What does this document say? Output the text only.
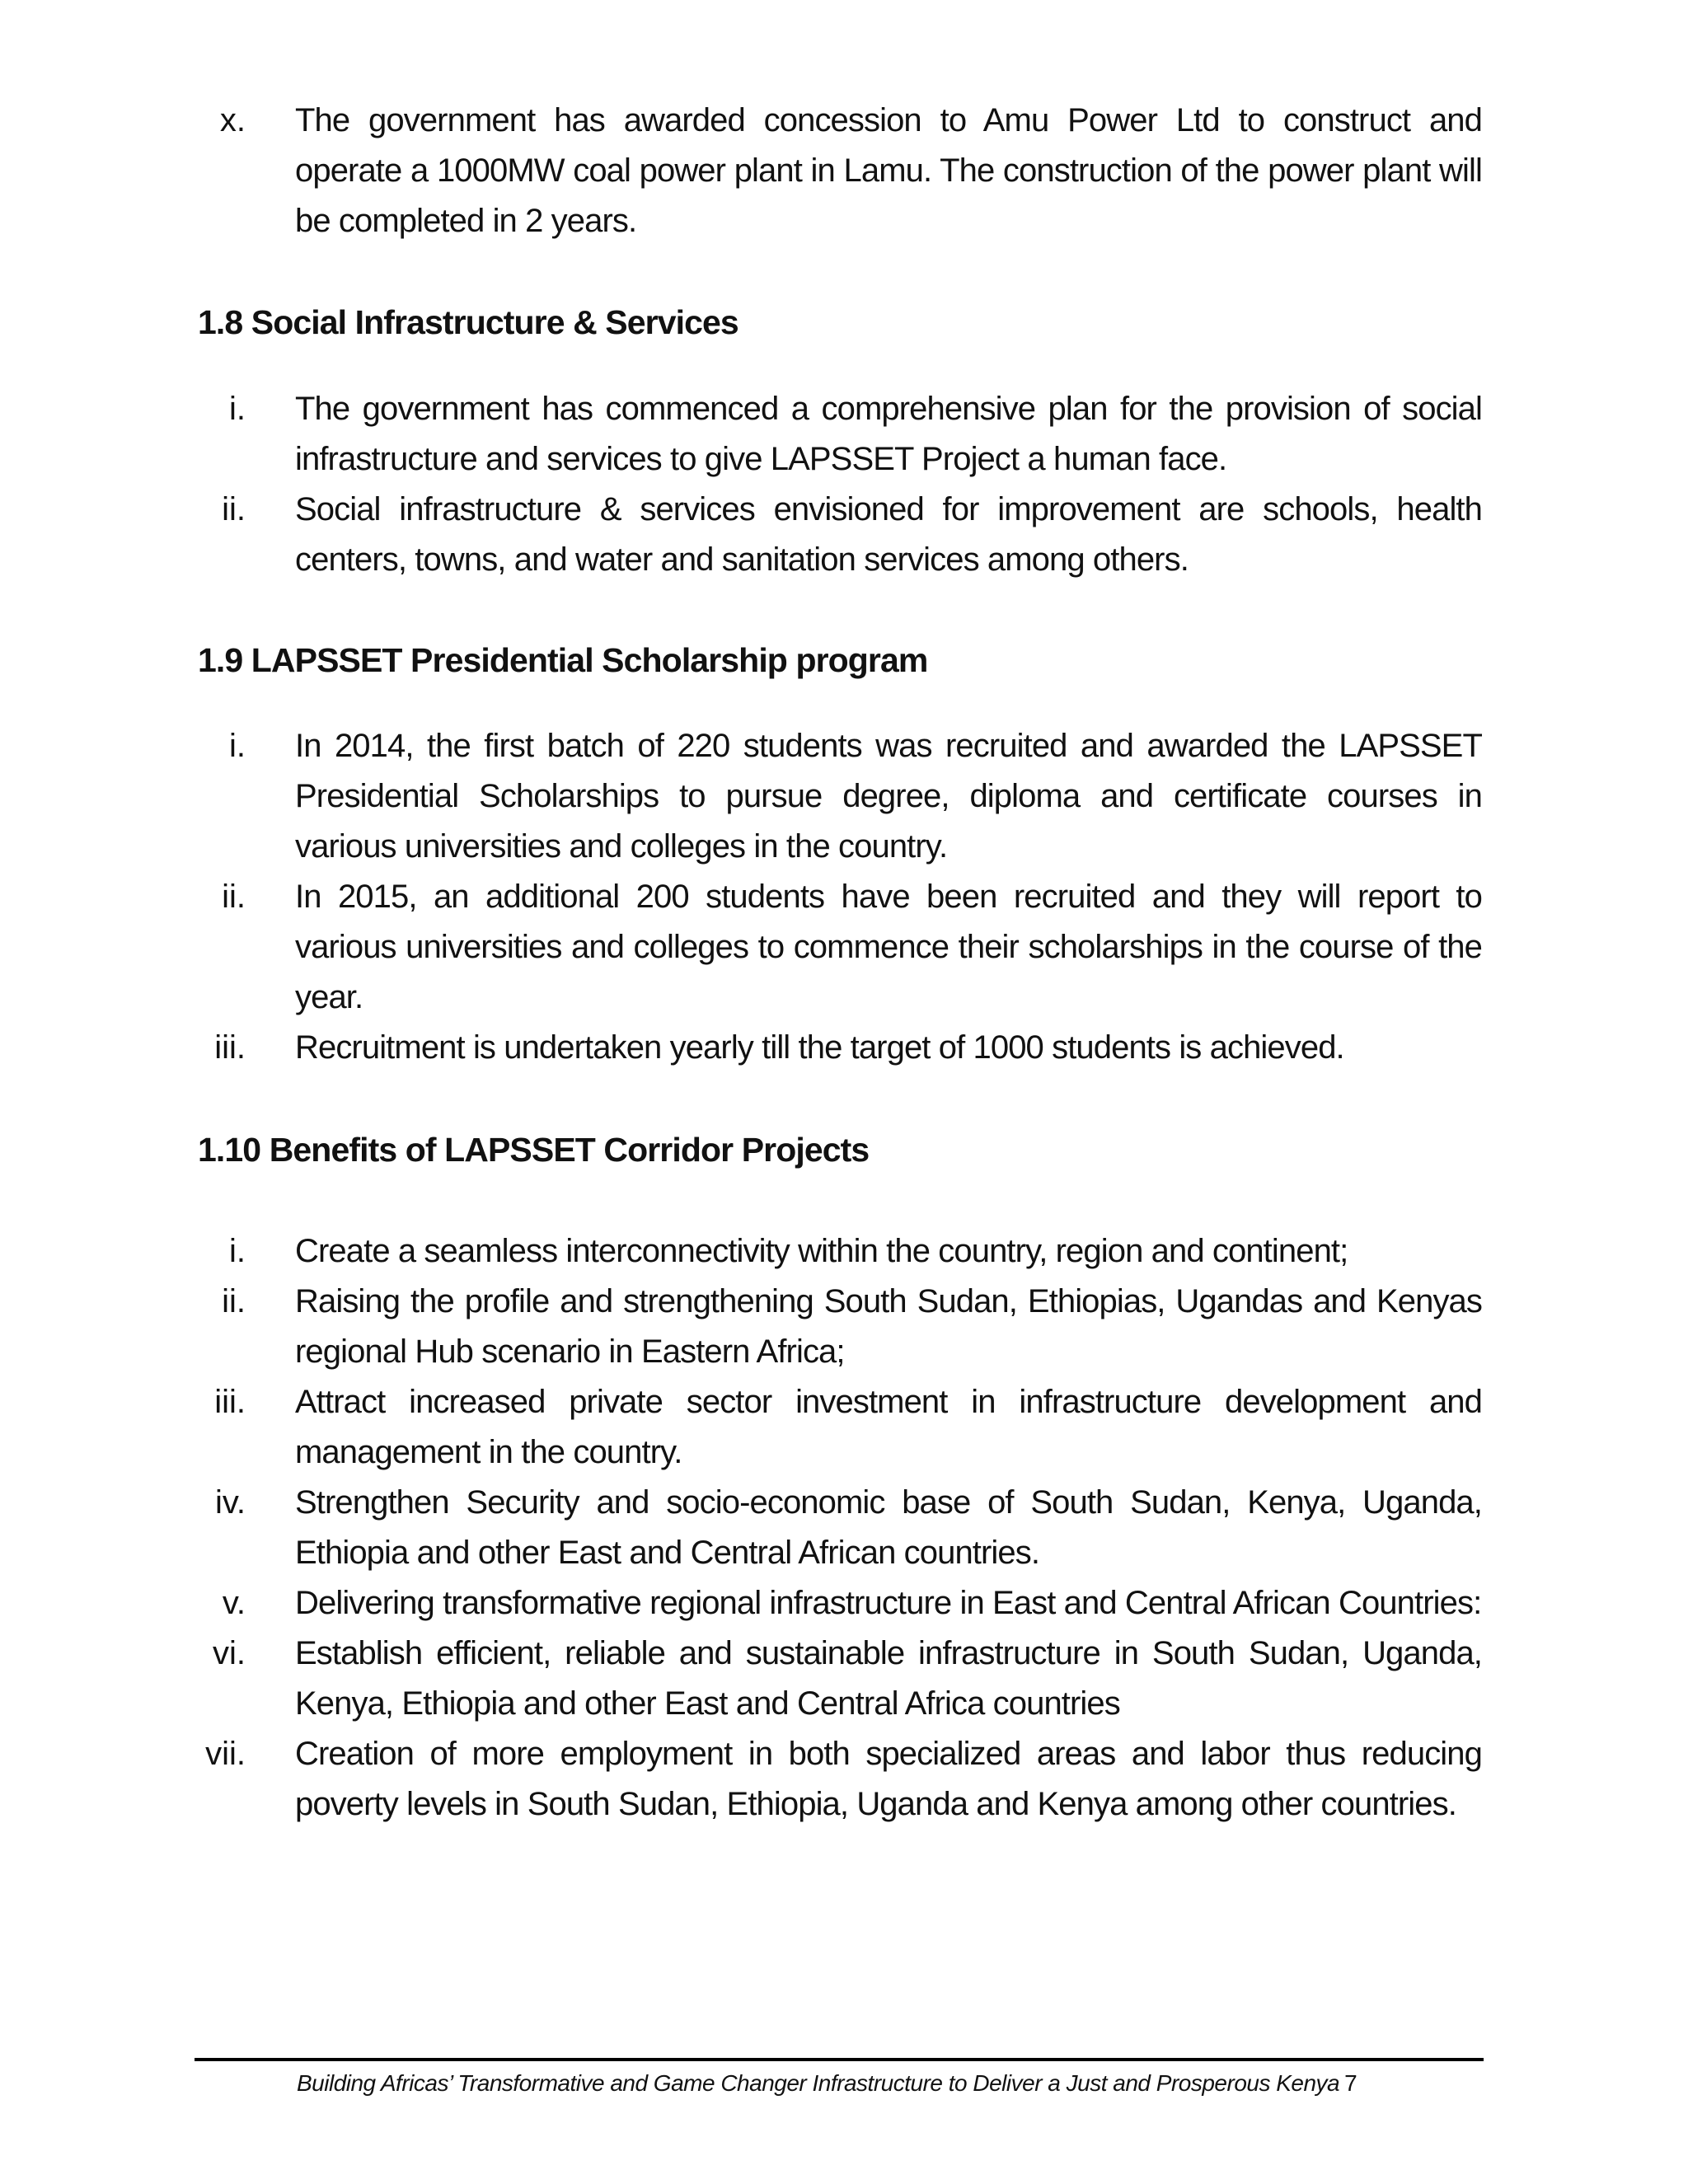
x. The government has awarded concession to Amu Power Ltd to construct and operate a 1000MW coal power plant in Lamu. The construction of the power plant will be completed in 2 years.
1.8 Social Infrastructure & Services
i. The government has commenced a comprehensive plan for the provision of social infrastructure and services to give LAPSSET Project a human face.
ii. Social infrastructure & services envisioned for improvement are schools, health centers, towns, and water and sanitation services among others.
1.9 LAPSSET Presidential Scholarship program
i. In 2014, the first batch of 220 students was recruited and awarded the LAPSSET Presidential Scholarships to pursue degree, diploma and certificate courses in various universities and colleges in the country.
ii. In 2015, an additional 200 students have been recruited and they will report to various universities and colleges to commence their scholarships in the course of the year.
iii. Recruitment is undertaken yearly till the target of 1000 students is achieved.
1.10 Benefits of LAPSSET Corridor Projects
i. Create a seamless interconnectivity within the country, region and continent;
ii. Raising the profile and strengthening South Sudan, Ethiopias, Ugandas and Kenyas regional Hub scenario in Eastern Africa;
iii. Attract increased private sector investment in infrastructure development and management in the country.
iv. Strengthen Security and socio-economic base of South Sudan, Kenya, Uganda, Ethiopia and other East and Central African countries.
v. Delivering transformative regional infrastructure in East and Central African Countries:
vi. Establish efficient, reliable and sustainable infrastructure in South Sudan, Uganda, Kenya, Ethiopia and other East and Central Africa countries
vii. Creation of more employment in both specialized areas and labor thus reducing poverty levels in South Sudan, Ethiopia, Uganda and Kenya among other countries.
Building Africas’ Transformative and Game Changer Infrastructure to Deliver a Just and Prosperous Kenya 7
